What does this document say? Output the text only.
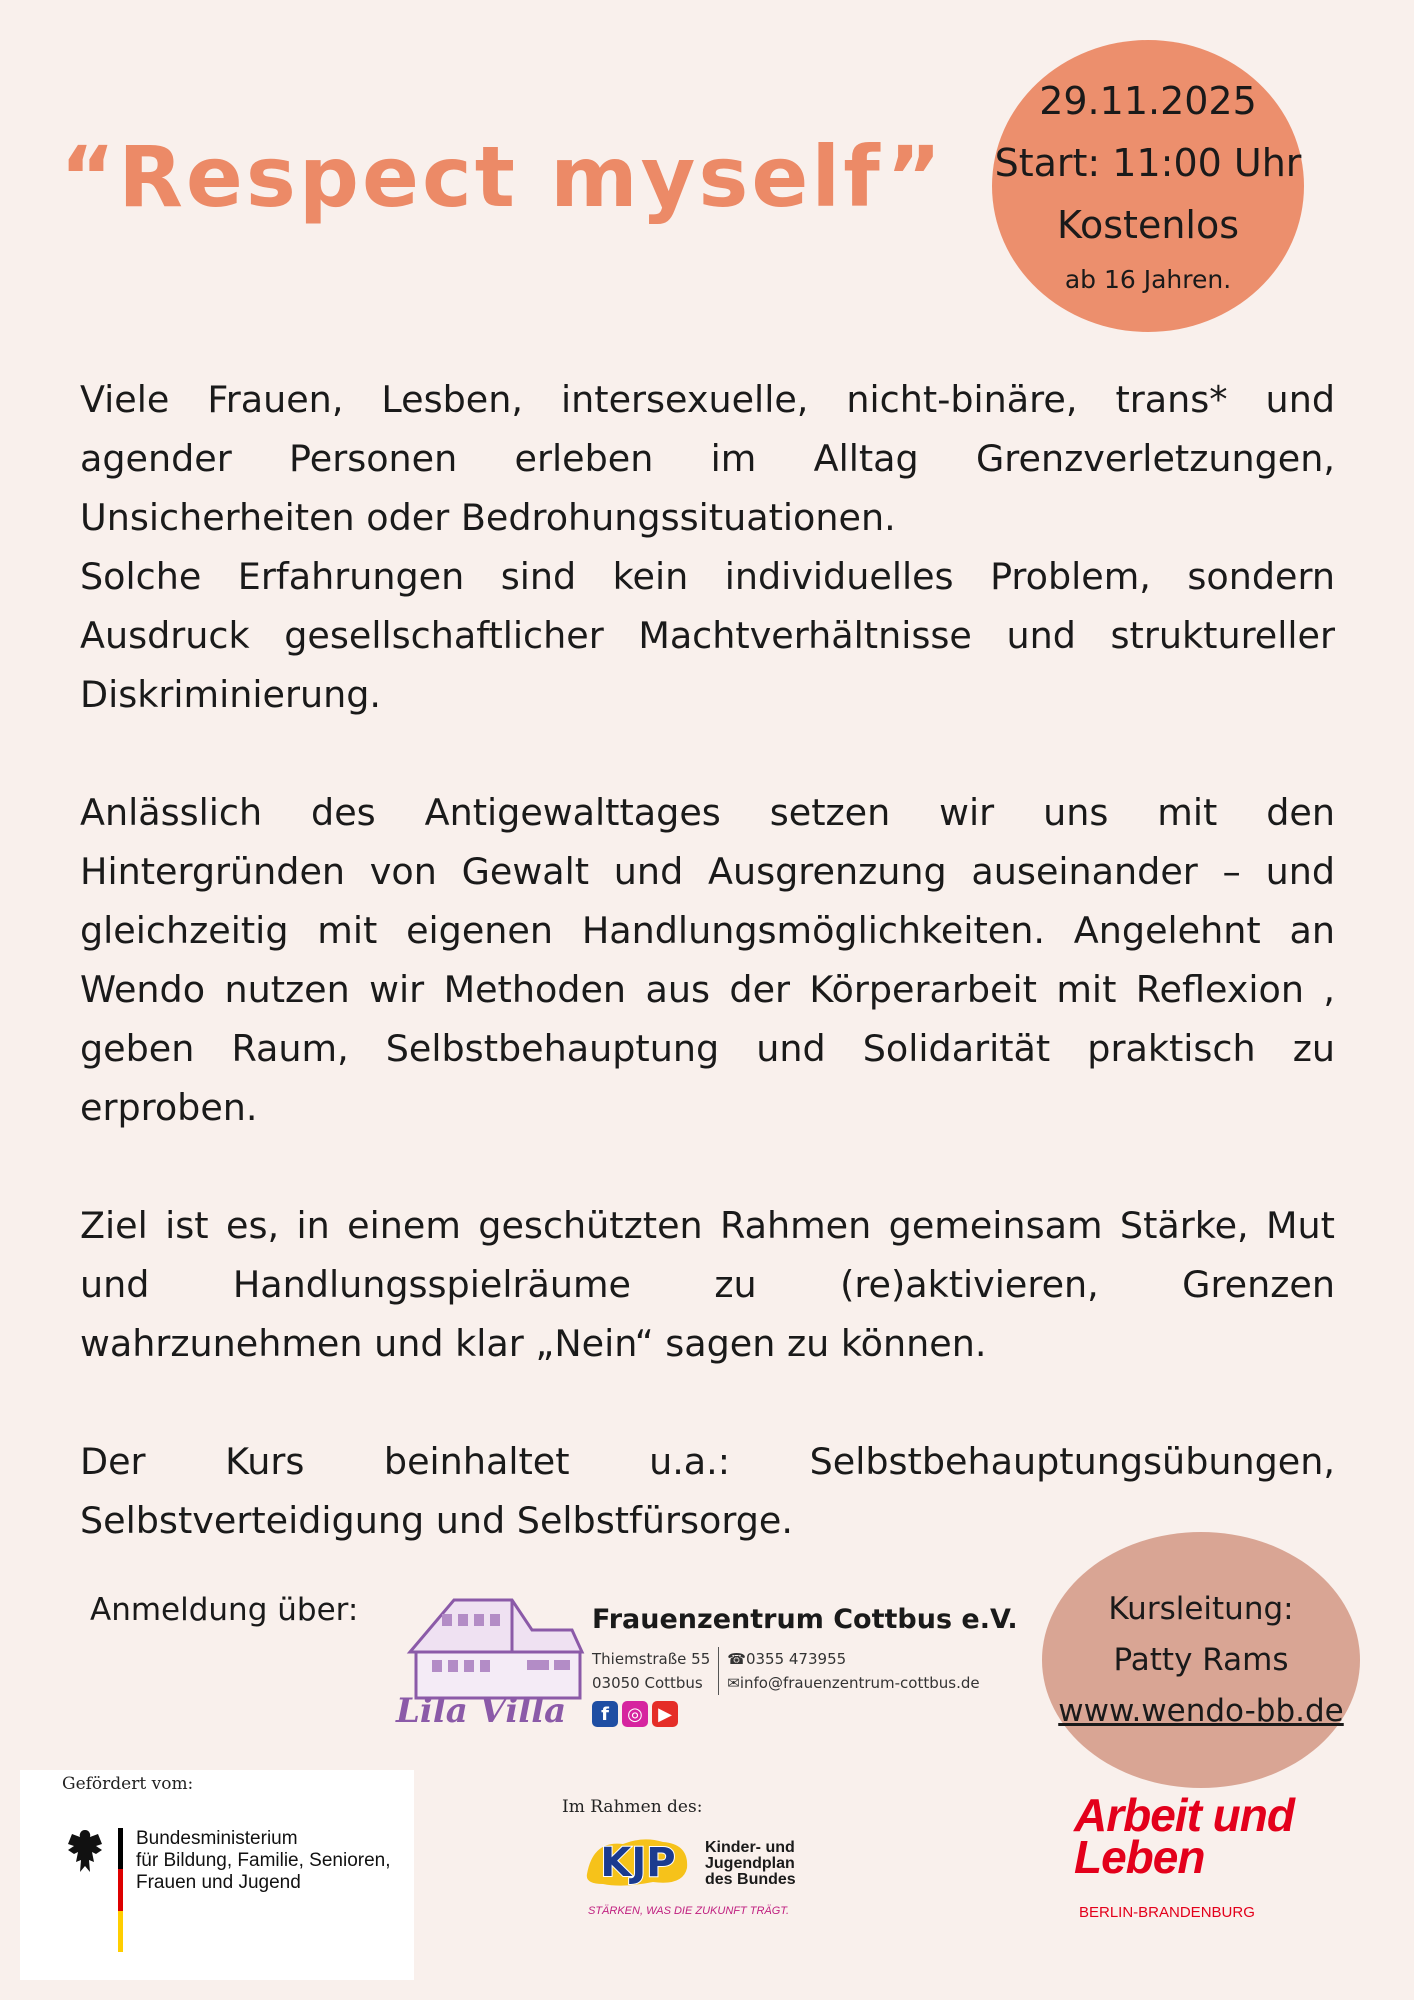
“Respect myself”
29.11.2025
Start: 11:00 Uhr
Kostenlos
ab 16 Jahren.

Viele Frauen, Lesben, intersexuelle, nicht-binäre, trans* und agender Personen erleben im Alltag Grenzverletzungen, Unsicherheiten oder Bedrohungssituationen.

Solche Erfahrungen sind kein individuelles Problem, sondern Ausdruck gesellschaftlicher Machtverhältnisse und struktureller Diskriminierung.

Anlässlich des Antigewalttages setzen wir uns mit den Hintergründen von Gewalt und Ausgrenzung auseinander – und gleichzeitig mit eigenen Handlungsmöglichkeiten. Angelehnt an Wendo nutzen wir Methoden aus der Körperarbeit mit Reflexion , geben Raum, Selbstbehauptung und Solidarität praktisch zu erproben.

Ziel ist es, in einem geschützten Rahmen gemeinsam Stärke, Mut und Handlungsspielräume zu (re)aktivieren, Grenzen wahrzunehmen und klar „Nein“ sagen zu können.

Der Kurs beinhaltet u.a.: Selbstbehauptungsübungen, Selbstverteidigung und Selbstfürsorge.

Anmeldung über:
Lila Villa
Frauenzentrum Cottbus e.V.
Thiemstraße 55
03050 Cottbus
☎0355 473955
✉info@frauenzentrum-cottbus.de
f	◎ ▶
Kursleitung:
Patty Rams
www.wendo-bb.de
Gefördert vom:
Bundesministerium
für Bildung, Familie, Senioren,
Frauen und Jugend
Im Rahmen des:
KJP Kinder- und
Jugendplan
des Bundes
STÄRKEN, WAS DIE ZUKUNFT TRÄGT.
Arbeit und
Leben
BERLIN-BRANDENBURG
